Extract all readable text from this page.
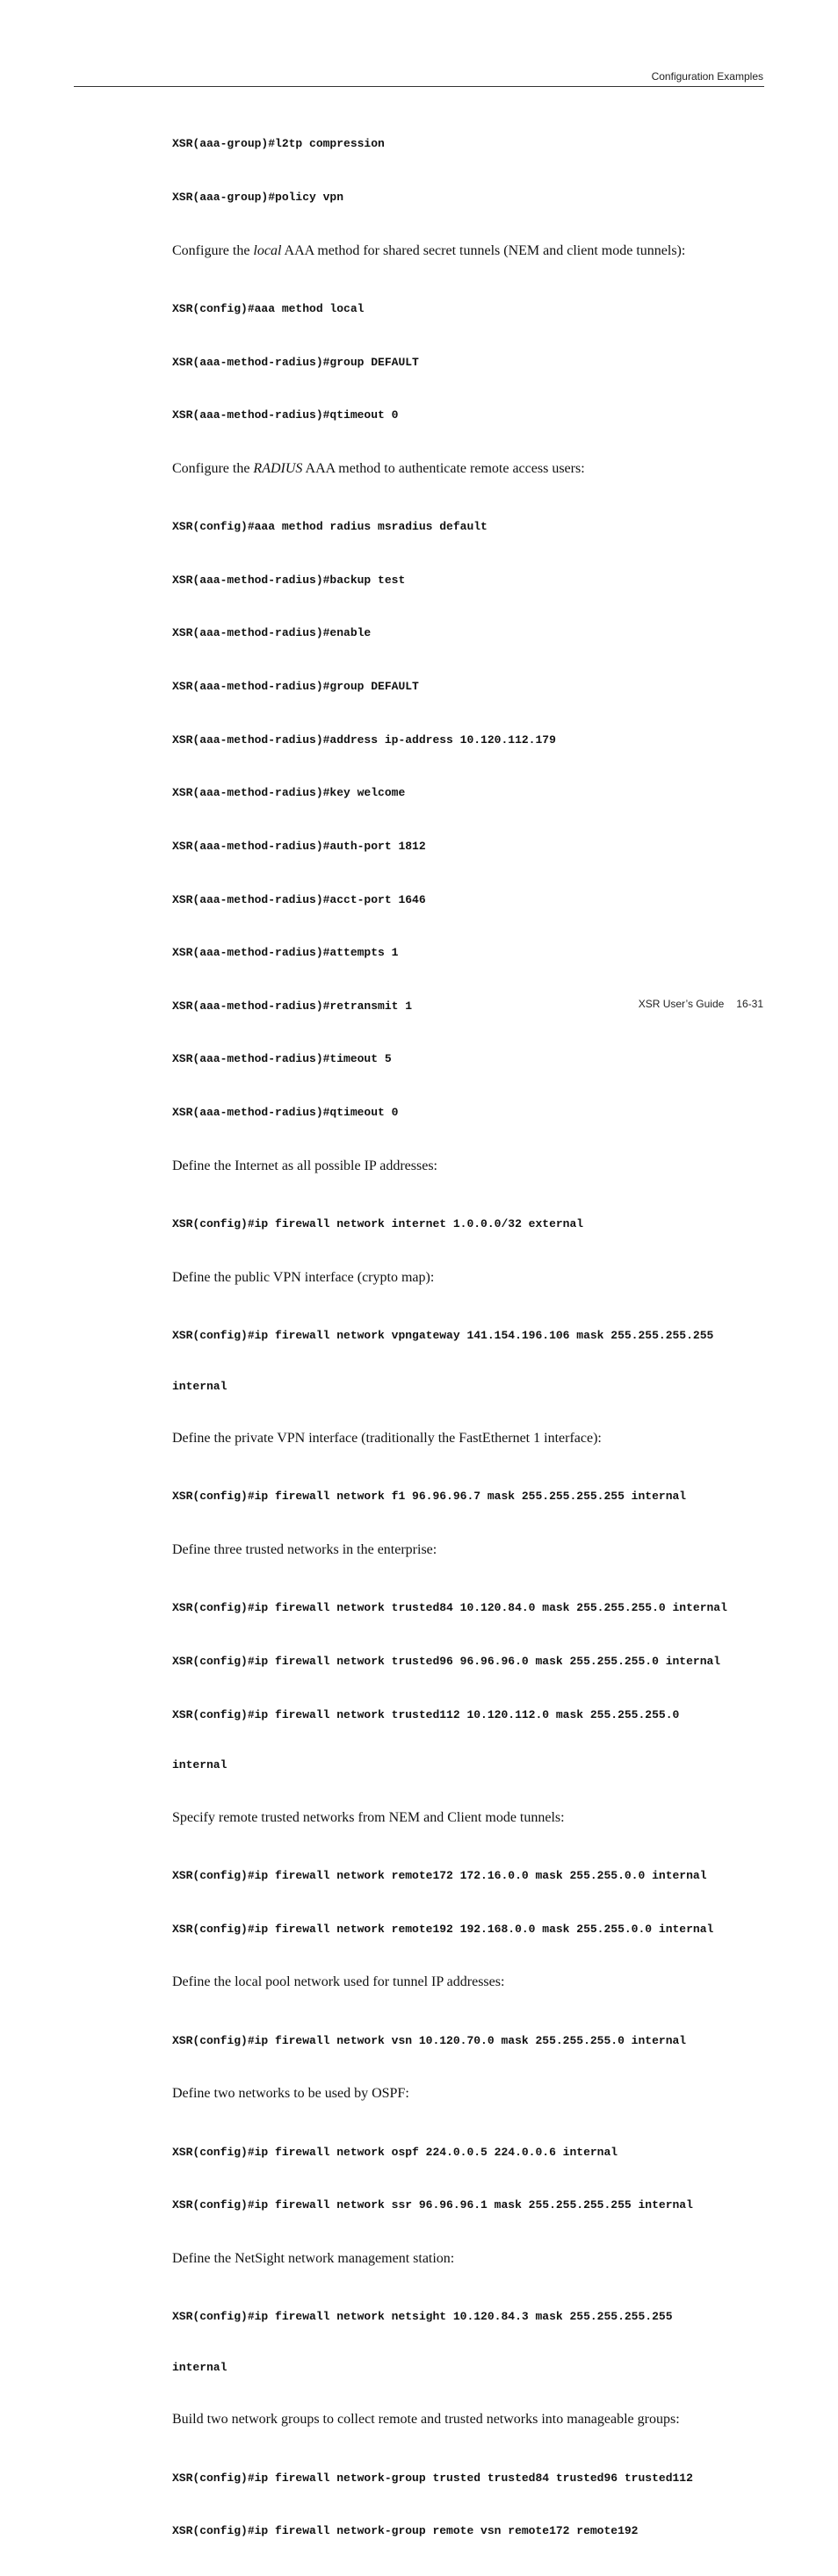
Configuration Examples

XSR(aaa-group)#l2tp compression

XSR(aaa-group)#policy vpn

Configure the local AAA method for shared secret tunnels (NEM and client mode tunnels):

XSR(config)#aaa method local

XSR(aaa-method-radius)#group DEFAULT

XSR(aaa-method-radius)#qtimeout 0

Configure the RADIUS AAA method to authenticate remote access users:

XSR(config)#aaa method radius msradius default

XSR(aaa-method-radius)#backup test

XSR(aaa-method-radius)#enable

XSR(aaa-method-radius)#group DEFAULT

XSR(aaa-method-radius)#address ip-address 10.120.112.179

XSR(aaa-method-radius)#key welcome

XSR(aaa-method-radius)#auth-port 1812

XSR(aaa-method-radius)#acct-port 1646

XSR(aaa-method-radius)#attempts 1

XSR(aaa-method-radius)#retransmit 1

XSR(aaa-method-radius)#timeout 5

XSR(aaa-method-radius)#qtimeout 0

Define the Internet as all possible IP addresses:

XSR(config)#ip firewall network internet 1.0.0.0/32 external

Define the public VPN interface (crypto map):

XSR(config)#ip firewall network vpngateway 141.154.196.106 mask 255.255.255.255

internal

Define the private VPN interface (traditionally the FastEthernet 1 interface):

XSR(config)#ip firewall network f1 96.96.96.7 mask 255.255.255.255 internal

Define three trusted networks in the enterprise:

XSR(config)#ip firewall network trusted84 10.120.84.0 mask 255.255.255.0 internal

XSR(config)#ip firewall network trusted96 96.96.96.0 mask 255.255.255.0 internal

XSR(config)#ip firewall network trusted112 10.120.112.0 mask 255.255.255.0

internal

Specify remote trusted networks from NEM and Client mode tunnels:

XSR(config)#ip firewall network remote172 172.16.0.0 mask 255.255.0.0 internal

XSR(config)#ip firewall network remote192 192.168.0.0 mask 255.255.0.0 internal

Define the local pool network used for tunnel IP addresses:

XSR(config)#ip firewall network vsn 10.120.70.0 mask 255.255.255.0 internal

Define two networks to be used by OSPF:

XSR(config)#ip firewall network ospf 224.0.0.5 224.0.0.6 internal

XSR(config)#ip firewall network ssr 96.96.96.1 mask 255.255.255.255 internal

Define the NetSight network management station:

XSR(config)#ip firewall network netsight 10.120.84.3 mask 255.255.255.255

internal

Build two network groups to collect remote and trusted networks into manageable groups:

XSR(config)#ip firewall network-group trusted trusted84 trusted96 trusted112

XSR(config)#ip firewall network-group remote vsn remote172 remote192

XSR User’s Guide 16-31
